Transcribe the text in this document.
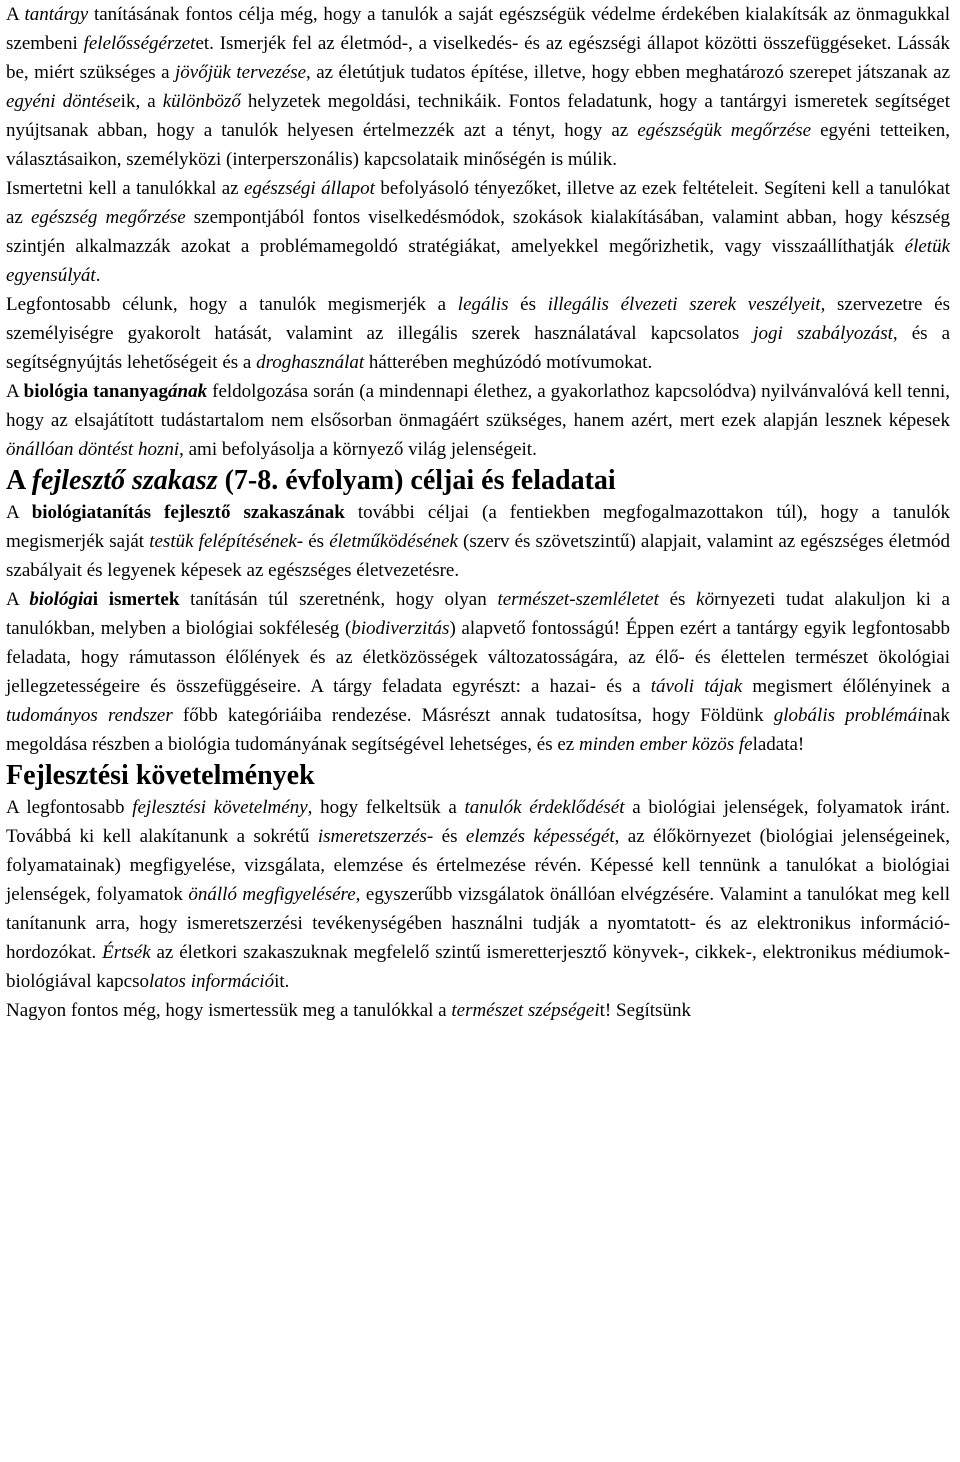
A tantárgy tanításának fontos célja még, hogy a tanulók a saját egészségük védelme érdekében kialakítsák az önmagukkal szembeni felelősségérzetet. Ismerjék fel az életmód-, a viselkedés- és az egészségi állapot közötti összefüggéseket. Lássák be, miért szükséges a jövőjük tervezése, az életútjuk tudatos építése, illetve, hogy ebben meghatározó szerepet játszanak az egyéni döntéseik, a különböző helyzetek megoldási, technikáik. Fontos feladatunk, hogy a tantárgyi ismeretek segítséget nyújtsanak abban, hogy a tanulók helyesen értelmezzék azt a tényt, hogy az egészségük megőrzése egyéni tetteiken, választásaikon, személyközi (interperszonális) kapcsolataik minőségén is múlik.

Ismertetni kell a tanulókkal az egészségi állapot befolyásoló tényezőket, illetve az ezek feltételeit. Segíteni kell a tanulókat az egészség megőrzése szempontjából fontos viselkedésmódok, szokások kialakításában, valamint abban, hogy készség szintjén alkalmazzák azokat a problémamegoldó stratégiákat, amelyekkel megőrizhetik, vagy visszaállíthatják életük egyensúlyát.

Legfontosabb célunk, hogy a tanulók megismerjék a legális és illegális élvezeti szerek veszélyeit, szervezetre és személyiségre gyakorolt hatását, valamint az illegális szerek használatával kapcsolatos jogi szabályozást, és a segítségnyújtás lehetőségeit és a droghasználat hátterében meghúzódó motívumokat.

A biológia tananyagának feldolgozása során (a mindennapi élethez, a gyakorlathoz kapcsolódva) nyilvánvalóvá kell tenni, hogy az elsajátított tudástartalom nem elsősorban önmagáért szükséges, hanem azért, mert ezek alapján lesznek képesek önállóan döntést hozni, ami befolyásolja a környező világ jelenségeit.

A fejlesztő szakasz (7-8. évfolyam) céljai és feladatai

A biológiatanítás fejlesztő szakaszának további céljai (a fentiekben megfogalmazottakon túl), hogy a tanulók megismerjék saját testük felépítésének- és életműködésének (szerv és szövetszintű) alapjait, valamint az egészséges életmód szabályait és legyenek képesek az egészséges életvezetésre.

A biológiai ismertek tanításán túl szeretnénk, hogy olyan természet-szemléletet és környezeti tudat alakuljon ki a tanulókban, melyben a biológiai sokféleség (biodiverzitás) alapvető fontosságú! Éppen ezért a tantárgy egyik legfontosabb feladata, hogy rámutasson élőlények és az életközösségek változatosságára, az élő- és élettelen természet ökológiai jellegzetességeire és összefüggéseire. A tárgy feladata egyrészt: a hazai- és a távoli tájak megismert élőlényinek a tudományos rendszer főbb kategóriáiba rendezése. Másrészt annak tudatosítsa, hogy Földünk globális problémáinak megoldása részben a biológia tudományának segítségével lehetséges, és ez minden ember közös feladata!

Fejlesztési követelmények

A legfontosabb fejlesztési követelmény, hogy felkeltsük a tanulók érdeklődését a biológiai jelenségek, folyamatok iránt. Továbbá ki kell alakítanunk a sokrétű ismeretszerzés- és elemzés képességét, az élőkörnyezet (biológiai jelenségeinek, folyamatainak) megfigyelése, vizsgálata, elemzése és értelmezése révén. Képessé kell tennünk a tanulókat a biológiai jelenségek, folyamatok önálló megfigyelésére, egyszerűbb vizsgálatok önállóan elvégzésére. Valamint a tanulókat meg kell tanítanunk arra, hogy ismeretszerzési tevékenységében használni tudják a nyomtatott- és az elektronikus információ-hordozókat. Értsék az életkori szakaszuknak megfelelő szintű ismeretterjesztő könyvek-, cikkek-, elektronikus médiumok- biológiával kapcsolatos információit.

Nagyon fontos még, hogy ismertessük meg a tanulókkal a természet szépségeit! Segítsünk
